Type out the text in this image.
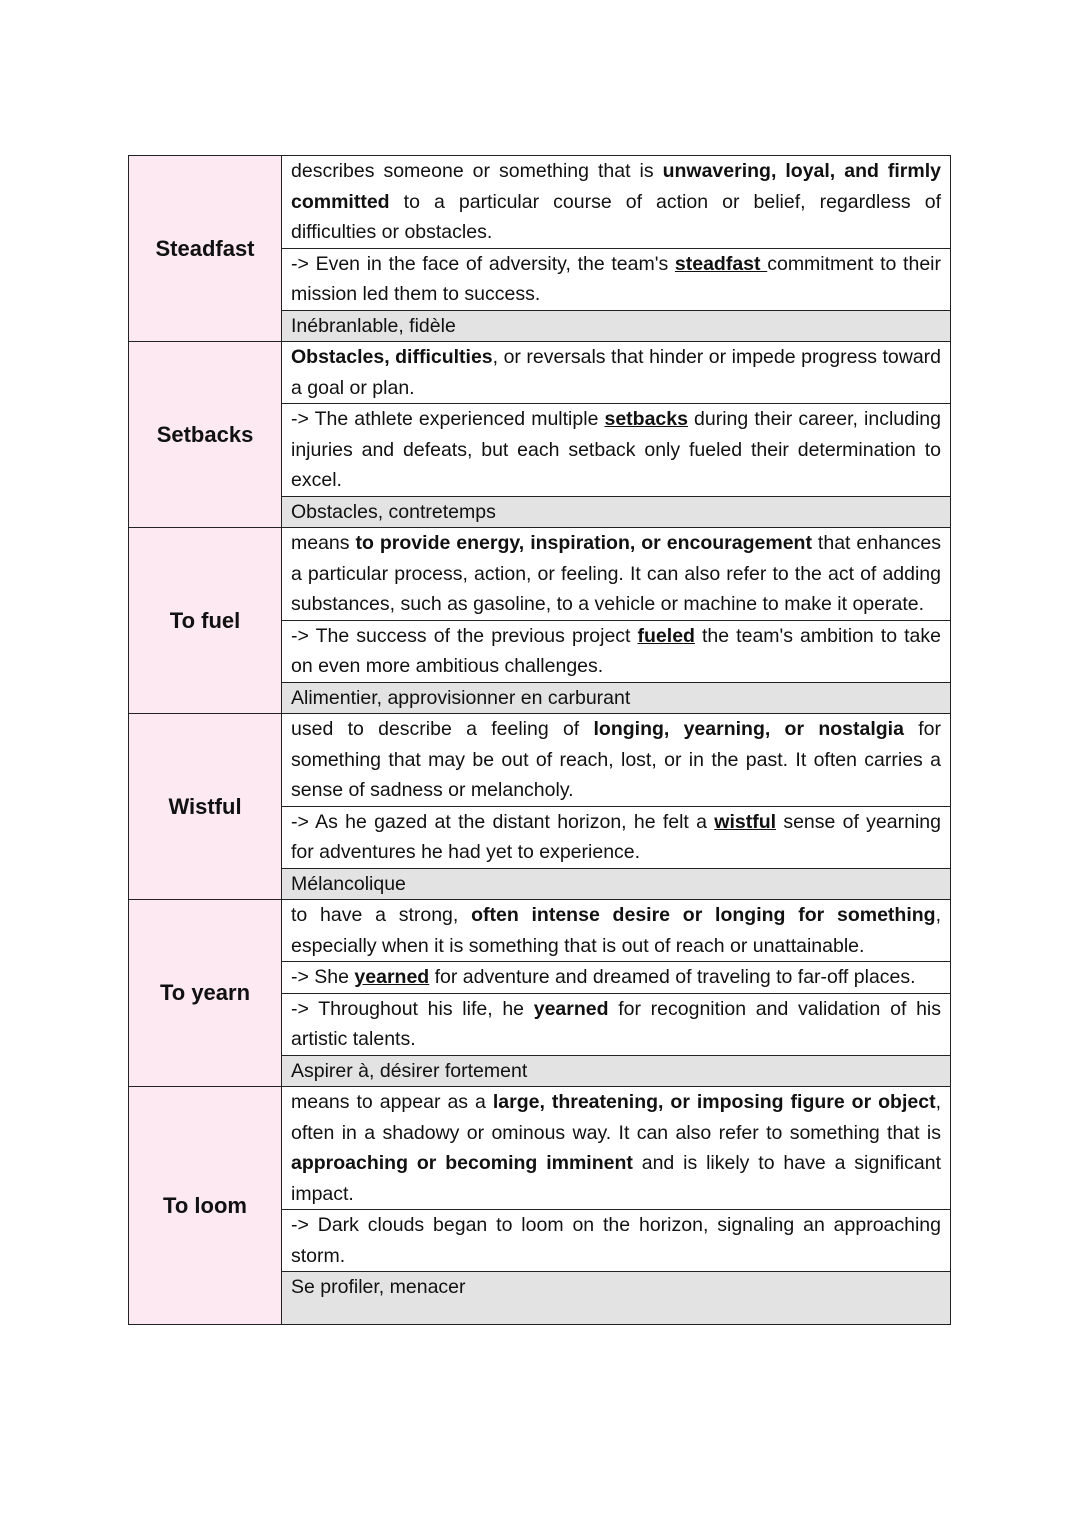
Steadfast	describes someone or something that is unwavering, loyal, and firmly committed to a particular course of action or belief, regardless of difficulties or obstacles.
	-> Even in the face of adversity, the team's steadfast commitment to their mission led them to success.
	Inébranlable, fidèle
Setbacks	Obstacles, difficulties, or reversals that hinder or impede progress toward a goal or plan.
	-> The athlete experienced multiple setbacks during their career, including injuries and defeats, but each setback only fueled their determination to excel.
	Obstacles, contretemps
To fuel	means to provide energy, inspiration, or encouragement that enhances a particular process, action, or feeling. It can also refer to the act of adding substances, such as gasoline, to a vehicle or machine to make it operate.
	-> The success of the previous project fueled the team's ambition to take on even more ambitious challenges.
	Alimentier, approvisionner en carburant
Wistful	used to describe a feeling of longing, yearning, or nostalgia for something that may be out of reach, lost, or in the past. It often carries a sense of sadness or melancholy.
	-> As he gazed at the distant horizon, he felt a wistful sense of yearning for adventures he had yet to experience.
	Mélancolique
To yearn	to have a strong, often intense desire or longing for something, especially when it is something that is out of reach or unattainable.
	-> She yearned for adventure and dreamed of traveling to far-off places.
	-> Throughout his life, he yearned for recognition and validation of his artistic talents.
	Aspirer à, désirer fortement
To loom	means to appear as a large, threatening, or imposing figure or object, often in a shadowy or ominous way. It can also refer to something that is approaching or becoming imminent and is likely to have a significant impact.
	-> Dark clouds began to loom on the horizon, signaling an approaching storm.
	Se profiler, menacer
